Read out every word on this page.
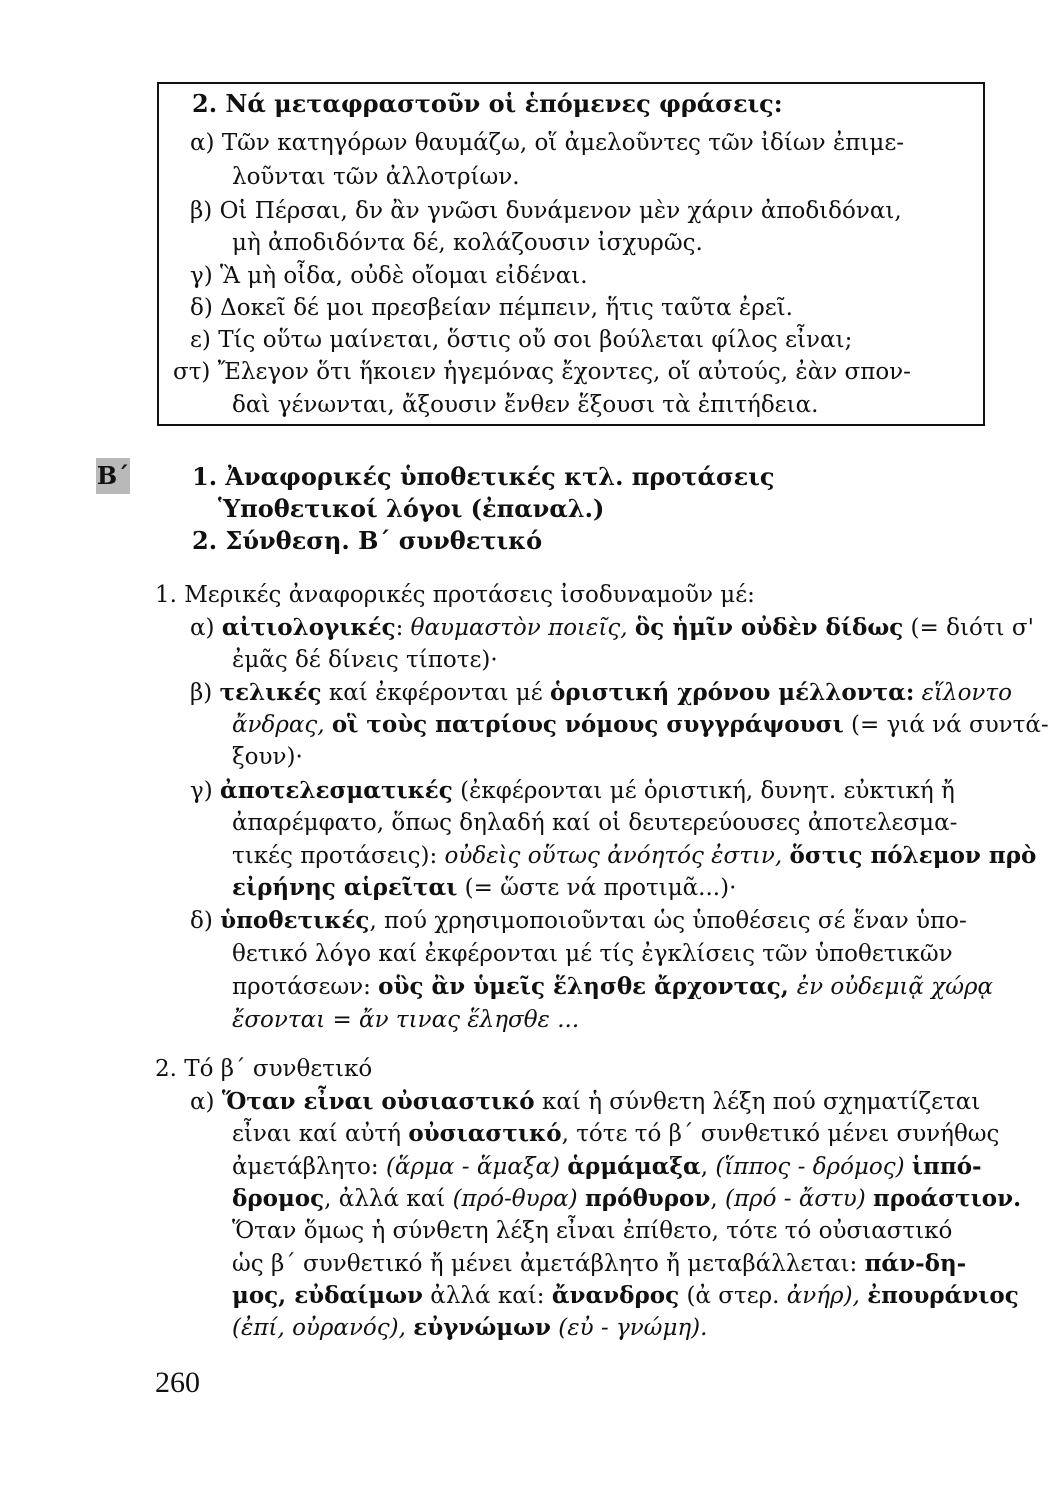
2. Νά μεταφραστοῦν οἱ ἑπόμενες φράσεις:
α) Τῶν κατηγόρων θαυμάζω, οἵ ἀμελοῦντες τῶν ἰδίων ἐπιμε-
λοῦνται τῶν ἀλλοτρίων.
β) Οἱ Πέρσαι, δν ἂν γνῶσι δυνάμενον μὲν χάριν ἀποδιδόναι,
μὴ ἀποδιδόντα δέ, κολάζουσιν ἰσχυρῶς.
γ) Ἃ μὴ οἶδα, οὐδὲ οἴομαι εἰδέναι.
δ) Δοκεῖ δέ μοι πρεσβείαν πέμπειν, ἥτις ταῦτα ἐρεῖ.
ε) Τίς οὕτω μαίνεται, ὅστις οὔ σοι βούλεται φίλος εἶναι;
στ) Ἔλεγον ὅτι ἥκοιεν ἡγεμόνας ἔχοντες, οἵ αὐτούς, ἐὰν σπον-
δαὶ γένωνται, ἄξουσιν ἔνθεν ἕξουσι τὰ ἐπιτήδεια.
Β΄	1. Ἀναφορικές ὑποθετικές κτλ. προτάσεις
Ὑποθετικοί λόγοι (ἐπαναλ.)
2. Σύνθεση. Β΄ συνθετικό
1. Μερικές ἀναφορικές προτάσεις ἰσοδυναμοῦν μέ:
α) αἰτιολογικές: θαυμαστὸν ποιεῖς, ὃς ἡμῖν οὐδὲν δίδως (= διότι σ'
ἐμᾶς δέ δίνεις τίποτε)·
β) τελικές καί ἐκφέρονται μέ ὁριστική χρόνου μέλλοντα: εἵλοντο
ἄνδρας, οἳ τοὺς πατρίους νόμους συγγράψουσι (= γιά νά συντά-
ξουν)·
γ) ἀποτελεσματικές (ἐκφέρονται μέ ὁριστική, δυνητ. εὐκτική ἤ
ἀπαρέμφατο, ὅπως δηλαδή καί οἱ δευτερεύουσες ἀποτελεσμα-
τικές προτάσεις): οὐδεὶς οὕτως ἀνόητός ἐστιν, ὅστις πόλεμον πρὸ
εἰρήνης αἱρεῖται (= ὥστε νά προτιμᾶ...)·
δ) ὑποθετικές, πού χρησιμοποιοῦνται ὡς ὑποθέσεις σέ ἕναν ὑπο-
θετικό λόγο καί ἐκφέρονται μέ τίς ἐγκλίσεις τῶν ὑποθετικῶν
προτάσεων: οὓς ἂν ὑμεῖς ἕλησθε ἄρχοντας, ἐν οὐδεμιᾷ χώρᾳ
ἔσονται = ἄν τινας ἕλησθε ...
2. Τό β΄ συνθετικό
α) Ὅταν εἶναι οὐσιαστικό καί ἡ σύνθετη λέξη πού σχηματίζεται
εἶναι καί αὐτή οὐσιαστικό, τότε τό β΄ συνθετικό μένει συνήθως
ἀμετάβλητο: (ἅρμα - ἅμαξα) ἁρμάμαξα, (ἵππος - δρόμος) ἱππό-
δρομος, ἀλλά καί (πρό-θυρα) πρόθυρον, (πρό - ἄστυ) προάστιον.
Ὅταν ὅμως ἡ σύνθετη λέξη εἶναι ἐπίθετο, τότε τό οὐσιαστικό
ὡς β΄ συνθετικό ἤ μένει ἀμετάβλητο ἤ μεταβάλλεται: πάν-δη-
μος, εὐδαίμων ἀλλά καί: ἄνανδρος (ἀ στερ. ἀνήρ), ἐπουράνιος
(ἐπί, οὐρανός), εὐγνώμων (εὐ - γνώμη).
260
